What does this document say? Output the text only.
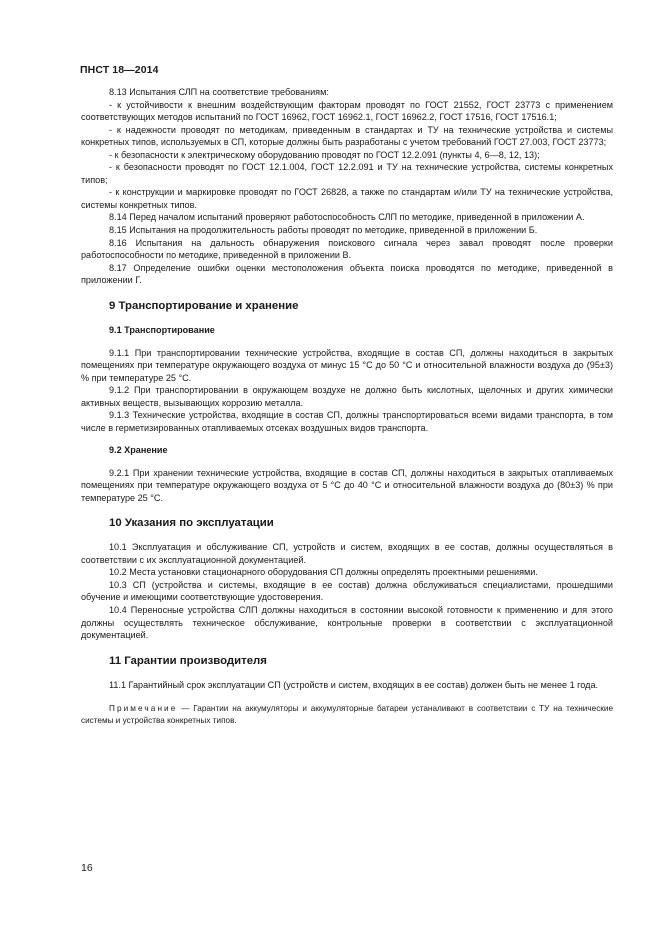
ПНСТ 18—2014

8.13 Испытания СЛП на соответствие требованиям:

- к устойчивости к внешним воздействующим факторам проводят по ГОСТ 21552, ГОСТ 23773 с применением соответствующих методов испытаний по ГОСТ 16962, ГОСТ 16962.1, ГОСТ 16962.2, ГОСТ 17516, ГОСТ 17516.1;

- к надежности проводят по методикам, приведенным в стандартах и ТУ на технические устройства и системы конкретных типов, используемых в СП, которые должны быть разработаны с учетом требований ГОСТ 27.003, ГОСТ 23773;

- к безопасности к электрическому оборудованию проводят по ГОСТ 12.2.091 (пункты 4, 6—8, 12, 13);

- к безопасности проводят по ГОСТ 12.1.004, ГОСТ 12.2.091 и ТУ на технические устройства, системы конкретных типов;

- к конструкции и маркировке проводят по ГОСТ 26828, а также по стандартам и/или ТУ на технические устройства, системы конкретных типов.

8.14 Перед началом испытаний проверяют работоспособность СЛП по методике, приведенной в приложении А.

8.15 Испытания на продолжительность работы проводят по методике, приведенной в приложении Б.

8.16 Испытания на дальность обнаружения поискового сигнала через завал проводят после проверки работоспособности по методике, приведенной в приложении В.

8.17 Определение ошибки оценки местоположения объекта поиска проводятся по методике, приведенной в приложении Г.

9 Транспортирование и хранение
9.1 Транспортирование

9.1.1 При транспортировании технические устройства, входящие в состав СП, должны находиться в закрытых помещениях при температуре окружающего воздуха от минус 15 °С до 50 °С и относительной влажности воздуха до (95±3) % при температуре 25 °С.

9.1.2 При транспортировании в окружающем воздухе не должно быть кислотных, щелочных и других химически активных веществ, вызывающих коррозию металла.

9.1.3 Технические устройства, входящие в состав СП, должны транспортироваться всеми видами транспорта, в том числе в герметизированных отапливаемых отсеках воздушных видов транспорта.

9.2 Хранение

9.2.1 При хранении технические устройства, входящие в состав СП, должны находиться в закрытых отапливаемых помещениях при температуре окружающего воздуха от 5 °С до 40 °С и относительной влажности воздуха до (80±3) % при температуре 25 °С.

10 Указания по эксплуатации

10.1 Эксплуатация и обслуживание СП, устройств и систем, входящих в ее состав, должны осуществляться в соответствии с их эксплуатационной документацией.

10.2 Места установки стационарного оборудования СП должны определять проектными решениями.

10.3 СП (устройства и системы, входящие в ее состав) должна обслуживаться специалистами, прошедшими обучение и имеющими соответствующие удостоверения.

10.4 Переносные устройства СЛП должны находиться в состоянии высокой готовности к применению и для этого должны осуществлять техническое обслуживание, контрольные проверки в соответствии с эксплуатационной документацией.

11 Гарантии производителя

11.1 Гарантийный срок эксплуатации СП (устройств и систем, входящих в ее состав) должен быть не менее 1 года.

Примечание — Гарантии на аккумуляторы и аккумуляторные батареи устаналивают в соответствии с ТУ на технические системы и устройства конкретных типов.

16
